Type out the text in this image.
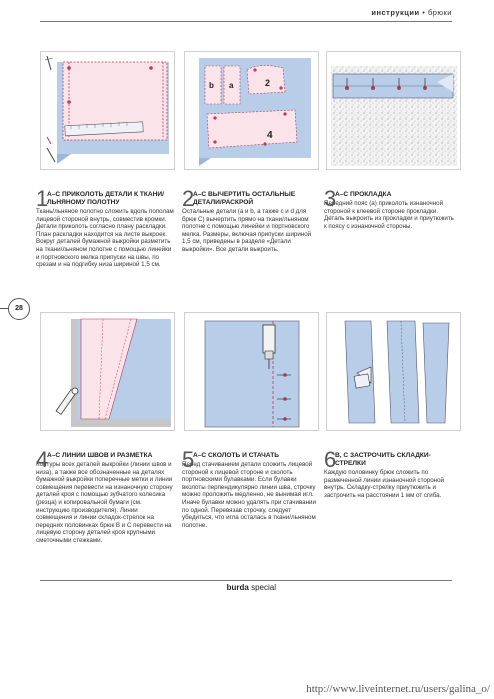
инструкции • брюки
28
b a	2
4
1
А–С ПРИКОЛОТЬ ДЕТАЛИ К ТКАНИ/ЛЬНЯНОМУ ПОЛОТНУ
Ткань/льняное полотно сложить вдоль пополам лицевой стороной внутрь, совместив кромки. Детали приколоть согласно плану раскладки. План раскладки находится на листе выкроек. Вокруг деталей бумажной выкройки разметить на ткани/льняном полотне с помощью линейки и портновского мелка припуски на швы, по срезам и на подгибку низа шириной 1,5 см.
2
А–С ВЫЧЕРТИТЬ ОСТАЛЬНЫЕ ДЕТАЛИ/РАСКРОЙ
Остальные детали (а и b, а также c и d для брюк С) вычертить прямо на ткани/льняном полотне с помощью линейки и портновского мелка. Размеры, включая припуски шириной 1,5 см, приведены в разделе «Детали выкройки». Все детали выкроить.
3
А–С ПРОКЛАДКА
Передний пояс (а) приколоть изнаночной стороной к клеевой стороне прокладки. Деталь выкроить из прокладки и приутюжить к поясу с изнаночной стороны.
4
А–С ЛИНИИ ШВОВ И РАЗМЕТКА
Контуры всех деталей выкройки (линии швов и низа), а также все обозначенные на деталях бумажной выкройки поперечные метки и линии совмещения перевести на изнаночную сторону деталей кроя с помощью зубчатого колесика (резца) и копировальной бумаги (см. инструкцию производителя). Линии совмещения и линии складок-стрелок на передних половинках брюк В и С перевести на лицевую сторону деталей кроя крупными сметочными стежками.
5
А–С СКОЛОТЬ И СТАЧАТЬ
Перед стачиванием детали сложить лицевой стороной к лицевой стороне и сколоть портновскими булавками. Если булавки вколоты перпендикулярно линии шва, строчку можно проложить медленно, не вынимая игл. Иначе булавки можно удалять при стачивании по одной. Перевязав строчку, следует убедиться, что игла осталась в ткани/льняном полотне.
6
В, С ЗАСТРОЧИТЬ СКЛАДКИ-СТРЕЛКИ
Каждую половинку брюк сложить по размеченной линии изнаночной стороной внутрь. Складку-стрелку приутюжить и застрочить на расстоянии 1 мм от сгиба.
burda special
http://www.liveinternet.ru/users/galina_o/
